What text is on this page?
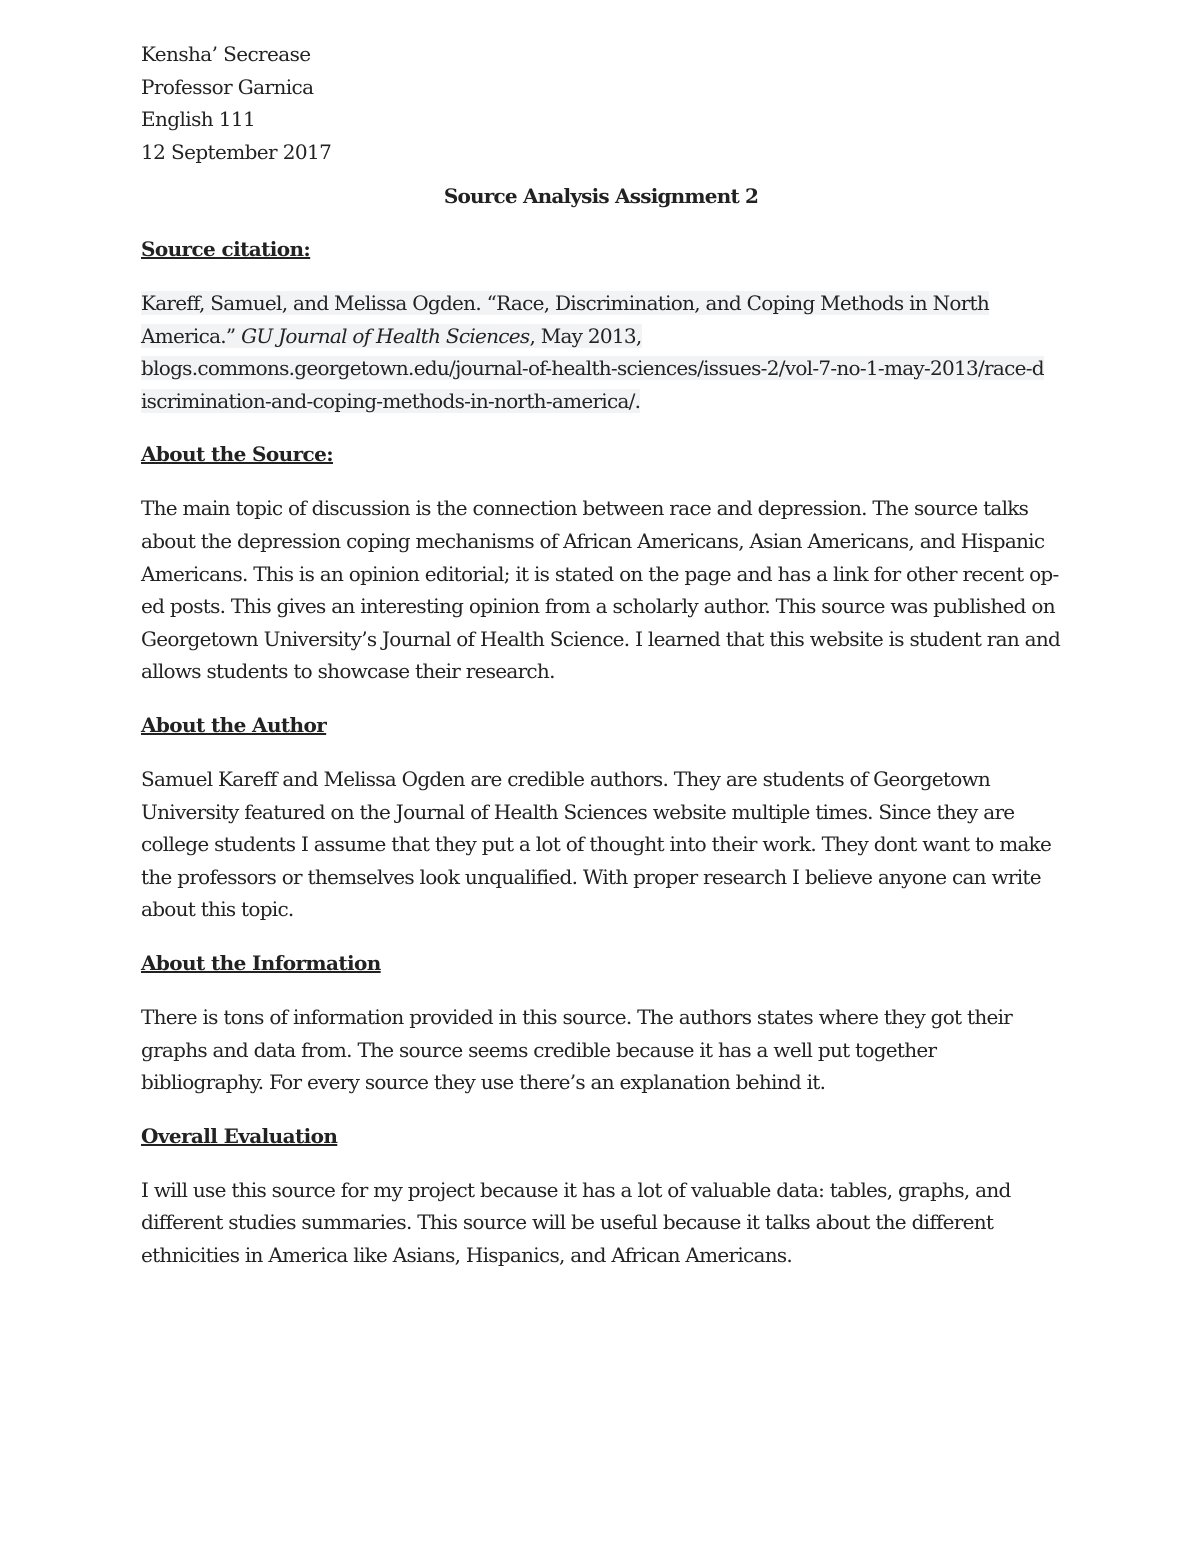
Kensha’ Secrease

Professor Garnica

English 111

12 September 2017

Source Analysis Assignment 2

Source citation:

Kareff, Samuel, and Melissa Ogden. “Race, Discrimination, and Coping Methods in North America.” GU Journal of Health Sciences, May 2013,
blogs.commons.georgetown.edu/journal-of-health-sciences/issues-2/vol-7-no-1-may-2013/race-d
iscrimination-and-coping-methods-in-north-america/.

About the Source:

The main topic of discussion is the connection between race and depression. The source talks about the depression coping mechanisms of African Americans, Asian Americans, and Hispanic Americans. This is an opinion editorial; it is stated on the page and has a link for other recent op-ed posts. This gives an interesting opinion from a scholarly author. This source was published on Georgetown University’s Journal of Health Science. I learned that this website is student ran and allows students to showcase their research.

About the Author

Samuel Kareff and Melissa Ogden are credible authors. They are students of Georgetown University featured on the Journal of Health Sciences website multiple times. Since they are college students I assume that they put a lot of thought into their work. They dont want to make the professors or themselves look unqualified. With proper research I believe anyone can write about this topic.

About the Information

There is tons of information provided in this source. The authors states where they got their graphs and data from. The source seems credible because it has a well put together bibliography. For every source they use there’s an explanation behind it.

Overall Evaluation

I will use this source for my project because it has a lot of valuable data: tables, graphs, and different studies summaries. This source will be useful because it talks about the different ethnicities in America like Asians, Hispanics, and African Americans.
